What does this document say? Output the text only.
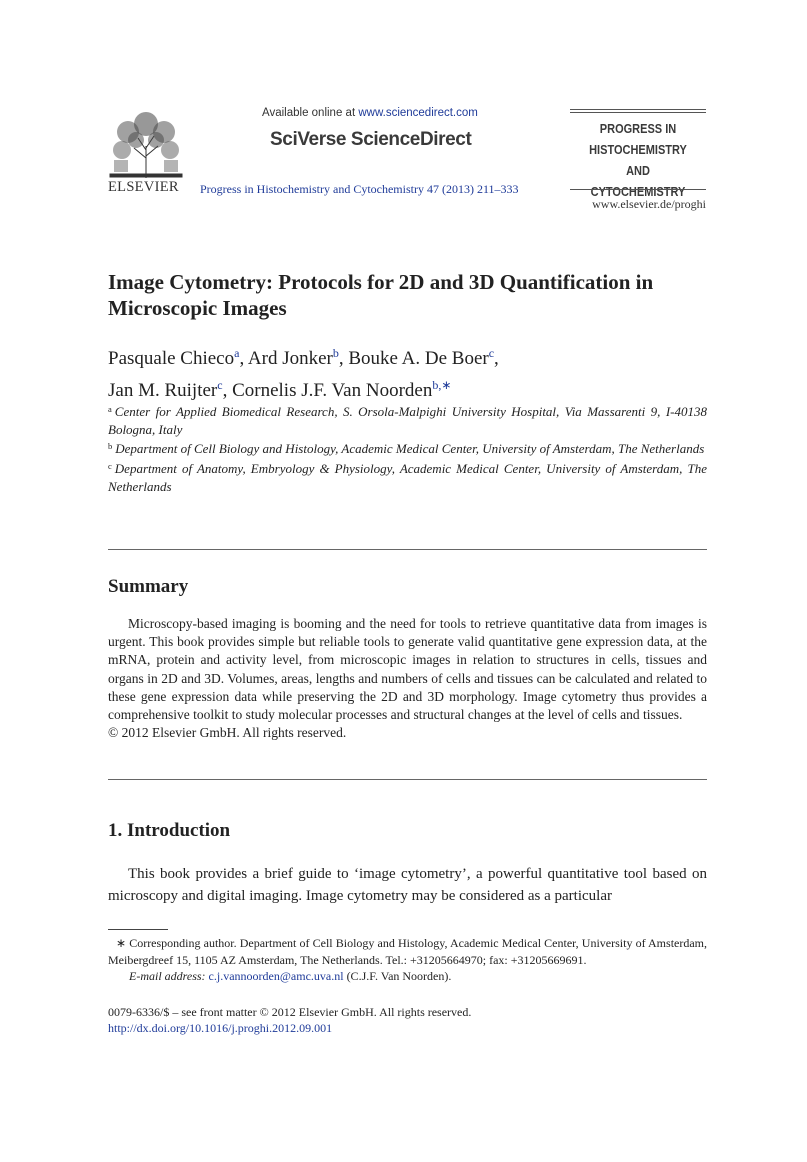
ELSEVIER
Available online at www.sciencedirect.com
SciVerse ScienceDirect
Progress in Histochemistry and Cytochemistry 47 (2013) 211–333
PROGRESS IN
HISTOCHEMISTRY
AND CYTOCHEMISTRY
www.elsevier.de/proghi
Image Cytometry: Protocols for 2D and 3D Quantification in Microscopic Images
Pasquale Chieco$^a$, Ard Jonker$^b$, Bouke A. De Boer$^c$,
Jan M. Ruijter$^c$, Cornelis J.F. Van Noorden$^{b,∗}$

$^a$ Center for Applied Biomedical Research, S. Orsola-Malpighi University Hospital, Via Massarenti 9, I-40138 Bologna, Italy

$^b$ Department of Cell Biology and Histology, Academic Medical Center, University of Amsterdam, The Netherlands

$^c$ Department of Anatomy, Embryology & Physiology, Academic Medical Center, University of Amsterdam, The Netherlands

Summary

Microscopy-based imaging is booming and the need for tools to retrieve quantitative data from images is urgent. This book provides simple but reliable tools to generate valid quantitative gene expression data, at the mRNA, protein and activity level, from microscopic images in relation to structures in cells, tissues and organs in 2D and 3D. Volumes, areas, lengths and numbers of cells and tissues can be calculated and related to these gene expression data while preserving the 2D and 3D morphology. Image cytometry thus provides a comprehensive toolkit to study molecular processes and structural changes at the level of cells and tissues.

© 2012 Elsevier GmbH. All rights reserved.

1. Introduction
This book provides a brief guide to ‘image cytometry’, a powerful quantitative tool based on microscopy and digital imaging. Image cytometry may be considered as a particular
∗ Corresponding author. Department of Cell Biology and Histology, Academic Medical Center, University of Amsterdam, Meibergdreef 15, 1105 AZ Amsterdam, The Netherlands. Tel.: +31205664970; fax: +31205669691.
E-mail address: c.j.vannoorden@amc.uva.nl (C.J.F. Van Noorden).
0079-6336/$ – see front matter © 2012 Elsevier GmbH. All rights reserved.
http://dx.doi.org/10.1016/j.proghi.2012.09.001
